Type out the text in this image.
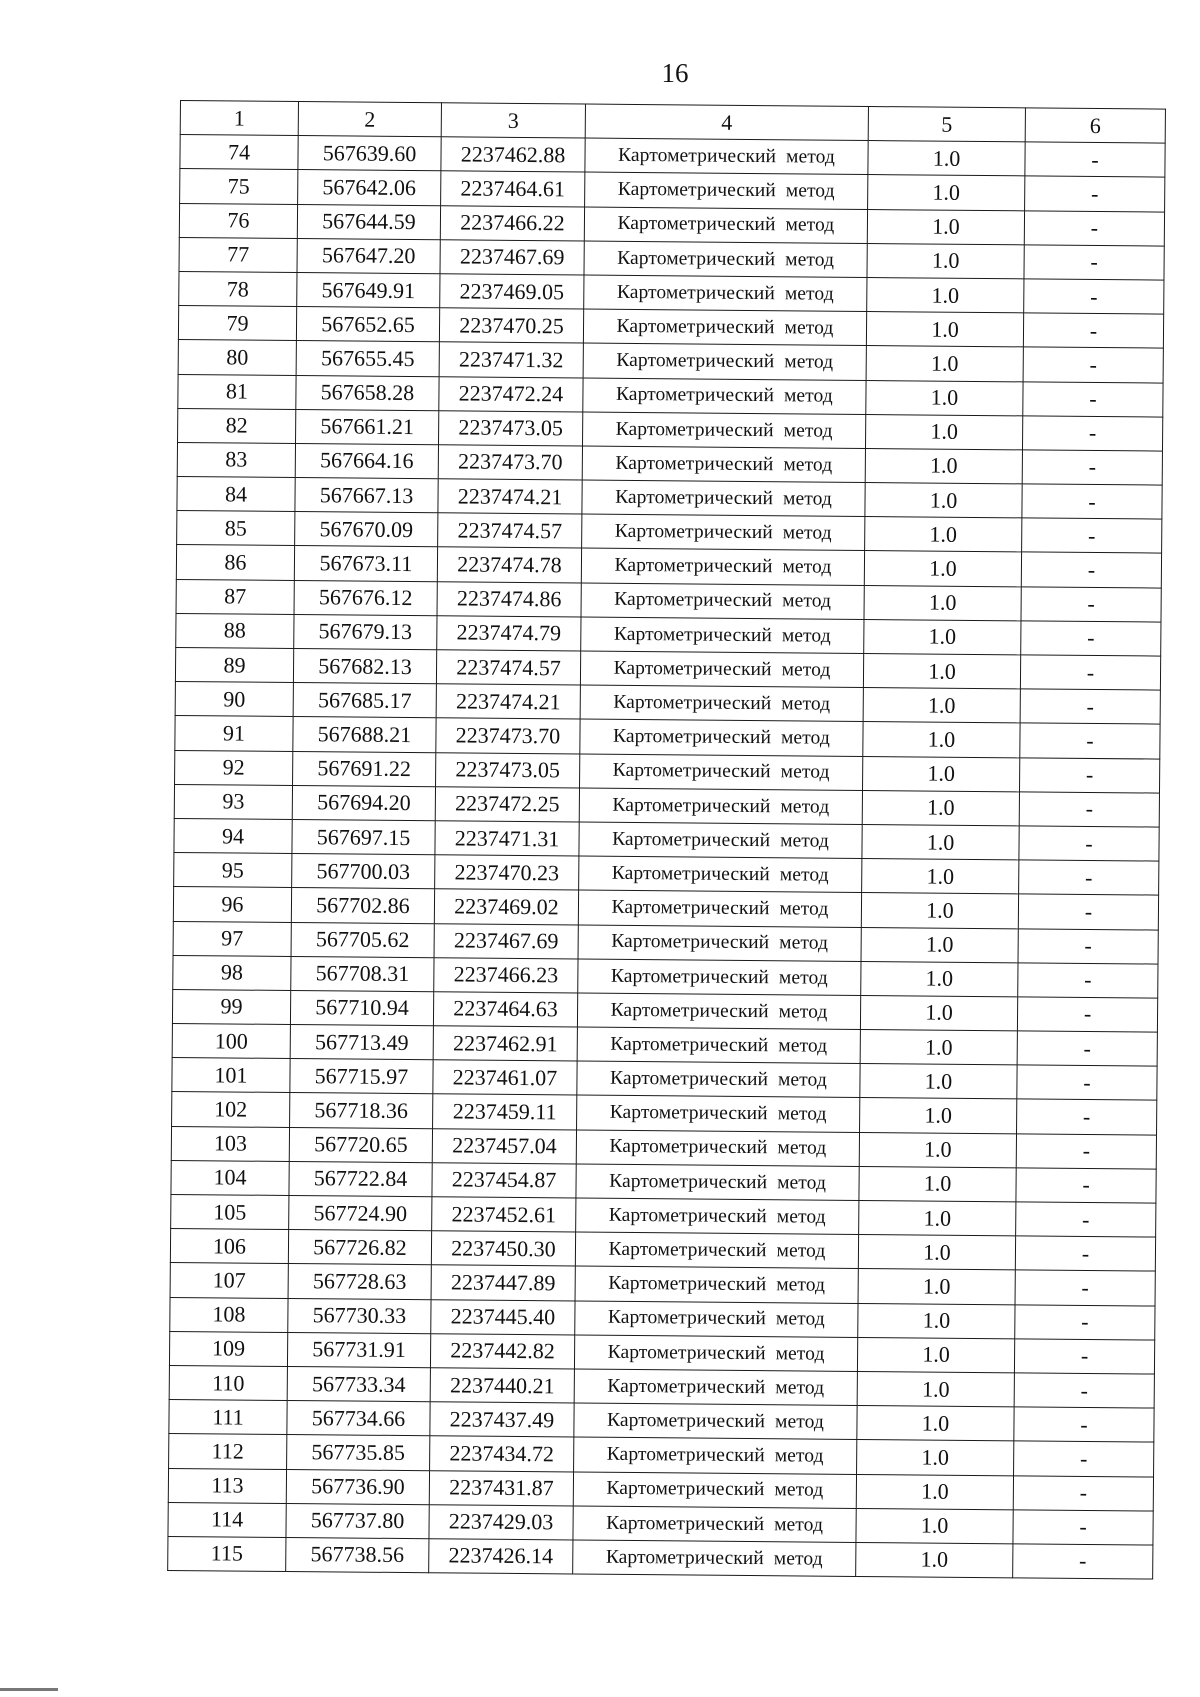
16
1	2	3	4	5	6
74	567639.60	2237462.88	Картометрический метод	1.0	-
75	567642.06	2237464.61	Картометрический метод	1.0	-
76	567644.59	2237466.22	Картометрический метод	1.0	-
77	567647.20	2237467.69	Картометрический метод	1.0	-
78	567649.91	2237469.05	Картометрический метод	1.0	-
79	567652.65	2237470.25	Картометрический метод	1.0	-
80	567655.45	2237471.32	Картометрический метод	1.0	-
81	567658.28	2237472.24	Картометрический метод	1.0	-
82	567661.21	2237473.05	Картометрический метод	1.0	-
83	567664.16	2237473.70	Картометрический метод	1.0	-
84	567667.13	2237474.21	Картометрический метод	1.0	-
85	567670.09	2237474.57	Картометрический метод	1.0	-
86	567673.11	2237474.78	Картометрический метод	1.0	-
87	567676.12	2237474.86	Картометрический метод	1.0	-
88	567679.13	2237474.79	Картометрический метод	1.0	-
89	567682.13	2237474.57	Картометрический метод	1.0	-
90	567685.17	2237474.21	Картометрический метод	1.0	-
91	567688.21	2237473.70	Картометрический метод	1.0	-
92	567691.22	2237473.05	Картометрический метод	1.0	-
93	567694.20	2237472.25	Картометрический метод	1.0	-
94	567697.15	2237471.31	Картометрический метод	1.0	-
95	567700.03	2237470.23	Картометрический метод	1.0	-
96	567702.86	2237469.02	Картометрический метод	1.0	-
97	567705.62	2237467.69	Картометрический метод	1.0	-
98	567708.31	2237466.23	Картометрический метод	1.0	-
99	567710.94	2237464.63	Картометрический метод	1.0	-
100	567713.49	2237462.91	Картометрический метод	1.0	-
101	567715.97	2237461.07	Картометрический метод	1.0	-
102	567718.36	2237459.11	Картометрический метод	1.0	-
103	567720.65	2237457.04	Картометрический метод	1.0	-
104	567722.84	2237454.87	Картометрический метод	1.0	-
105	567724.90	2237452.61	Картометрический метод	1.0	-
106	567726.82	2237450.30	Картометрический метод	1.0	-
107	567728.63	2237447.89	Картометрический метод	1.0	-
108	567730.33	2237445.40	Картометрический метод	1.0	-
109	567731.91	2237442.82	Картометрический метод	1.0	-
110	567733.34	2237440.21	Картометрический метод	1.0	-
111	567734.66	2237437.49	Картометрический метод	1.0	-
112	567735.85	2237434.72	Картометрический метод	1.0	-
113	567736.90	2237431.87	Картометрический метод	1.0	-
114	567737.80	2237429.03	Картометрический метод	1.0	-
115	567738.56	2237426.14	Картометрический метод	1.0	-
